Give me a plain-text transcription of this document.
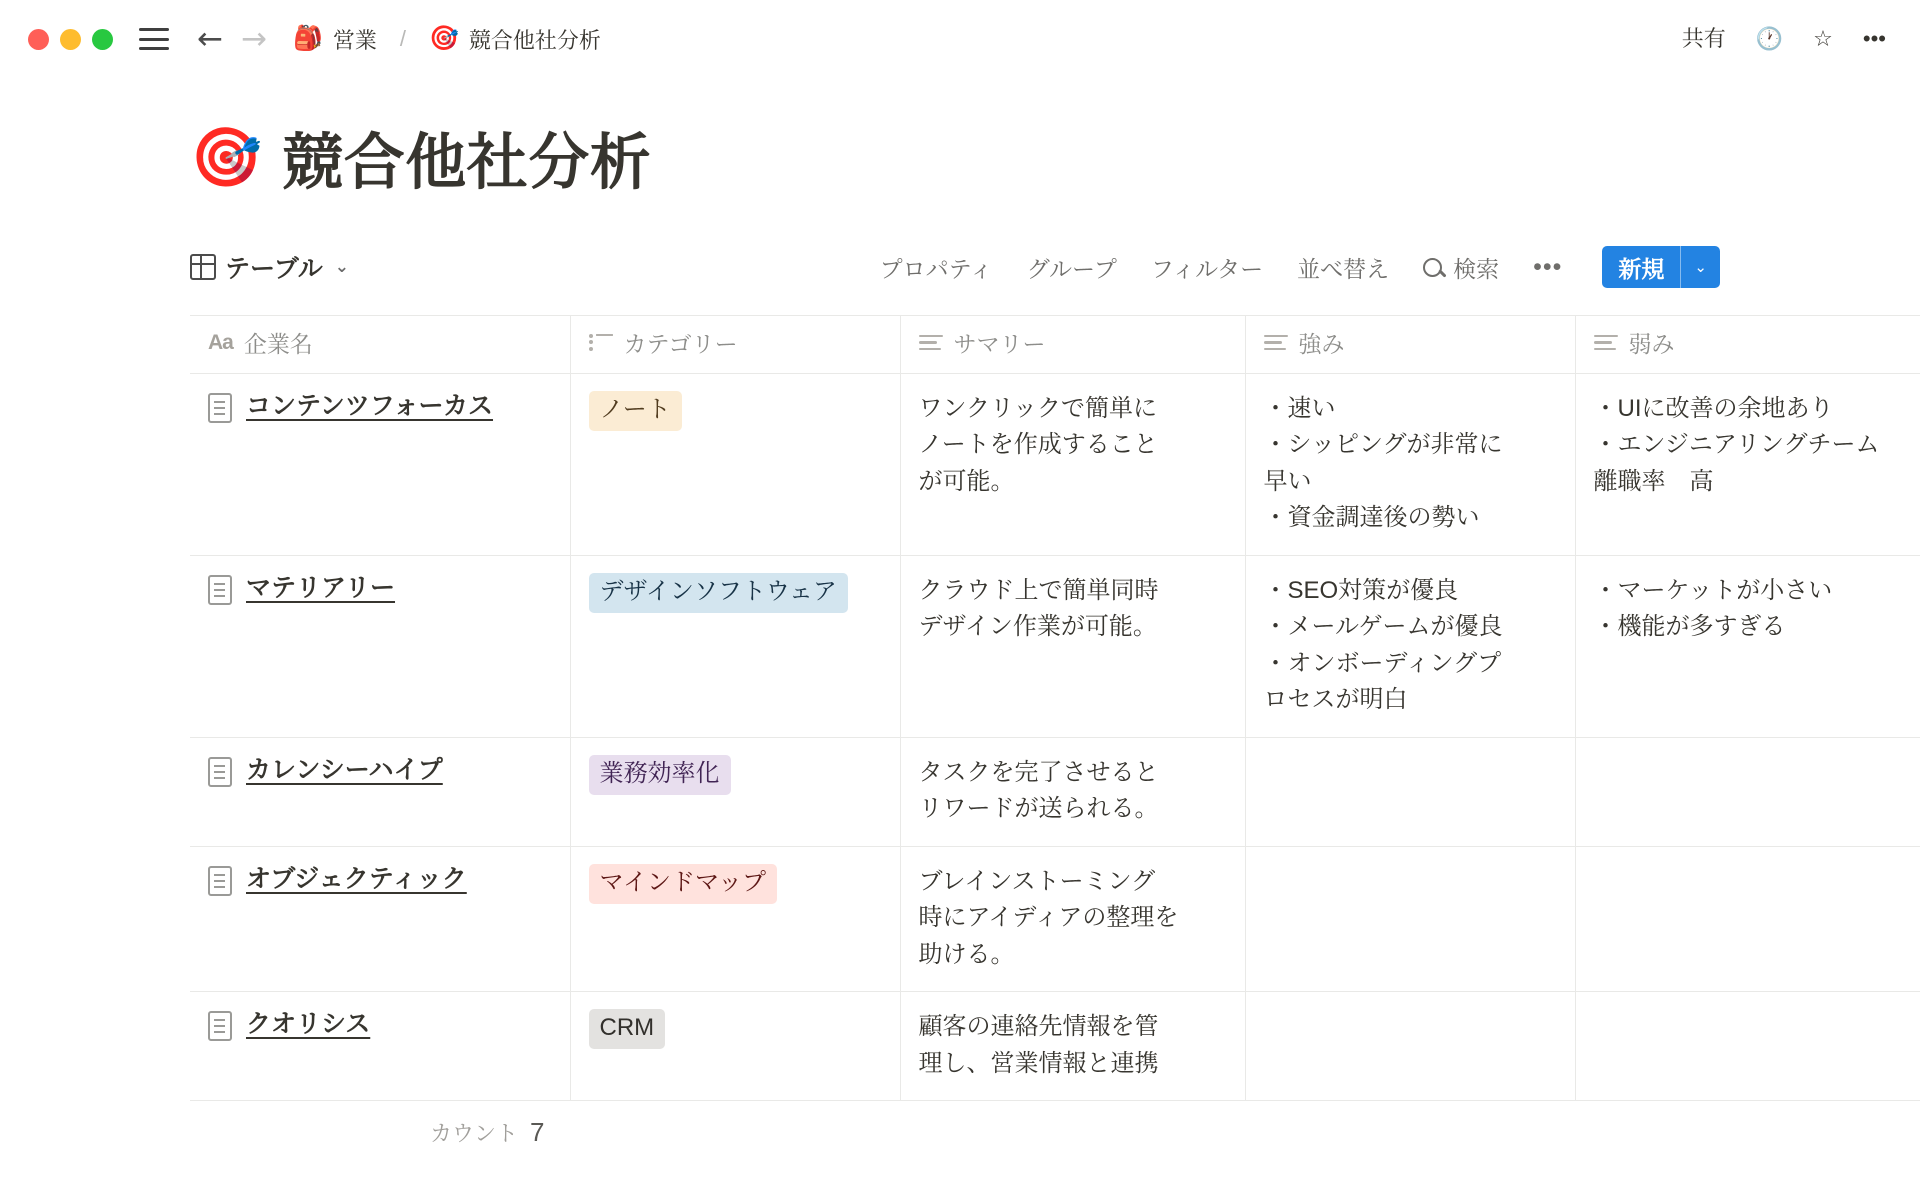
← → 🎒 営業 / 🎯 競合他社分析	共有 🕐 ☆ •••
🎯 競合他社分析
テーブル ⌄	プロパティ グループ フィルター 並べ替え	検索 •••	新規	⌄
Aa 企業名	カテゴリー	サマリー	強み	弱み

コンテンツフォーカス	ノート	ワンクリックで簡単に
ノートを作成すること
が可能。	・速い
・シッピングが非常に
早い
・資金調達後の勢い	・UIに改善の余地あり
・エンジニアリングチーム
離職率　高

マテリアリー	デザインソフトウェア	クラウド上で簡単同時
デザイン作業が可能。	・SEO対策が優良
・メールゲームが優良
・オンボーディングプ
ロセスが明白	・マーケットが小さい
・機能が多すぎる

カレンシーハイプ	業務効率化	タスクを完了させると
リワードが送られる。		

オブジェクティック	マインドマップ	ブレインストーミング
時にアイディアの整理を
助ける。		

クオリシス	CRM	顧客の連絡先情報を管
理し、営業情報と連携		

カウント 7
